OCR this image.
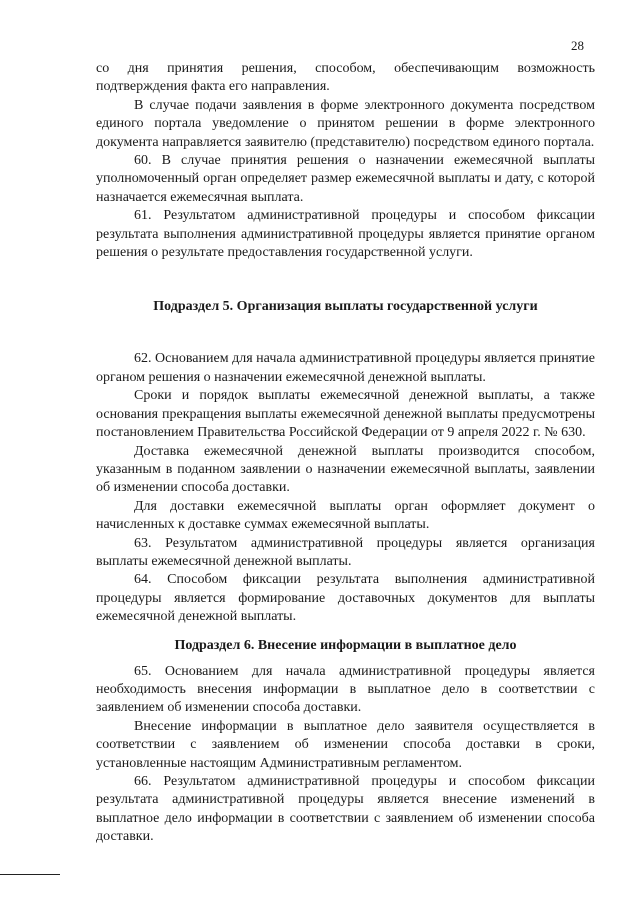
28

со дня принятия решения, способом, обеспечивающим возможность подтверждения факта его направления.

В случае подачи заявления в форме электронного документа посредством единого портала уведомление о принятом решении в форме электронного документа направляется заявителю (представителю) посредством единого портала.

60. В случае принятия решения о назначении ежемесячной выплаты уполномоченный орган определяет размер ежемесячной выплаты и дату, с которой назначается ежемесячная выплата.

61. Результатом административной процедуры и способом фиксации результата выполнения административной процедуры является принятие органом решения о результате предоставления государственной услуги.

Подраздел 5. Организация выплаты государственной услуги

62. Основанием для начала административной процедуры является принятие органом решения о назначении ежемесячной денежной выплаты.

Сроки и порядок выплаты ежемесячной денежной выплаты, а также основания прекращения выплаты ежемесячной денежной выплаты предусмотрены постановлением Правительства Российской Федерации от 9 апреля 2022 г. № 630.

Доставка ежемесячной денежной выплаты производится способом, указанным в поданном заявлении о назначении ежемесячной выплаты, заявлении об изменении способа доставки.

Для доставки ежемесячной выплаты орган оформляет документ о начисленных к доставке суммах ежемесячной выплаты.

63. Результатом административной процедуры является организация выплаты ежемесячной денежной выплаты.

64. Способом фиксации результата выполнения административной процедуры является формирование доставочных документов для выплаты ежемесячной денежной выплаты.

Подраздел 6. Внесение информации в выплатное дело

65. Основанием для начала административной процедуры является необходимость внесения информации в выплатное дело в соответствии с заявлением об изменении способа доставки.

Внесение информации в выплатное дело заявителя осуществляется в соответствии с заявлением об изменении способа доставки в сроки, установленные настоящим Административным регламентом.

66. Результатом административной процедуры и способом фиксации результата административной процедуры является внесение изменений в выплатное дело информации в соответствии с заявлением об изменении способа доставки.
